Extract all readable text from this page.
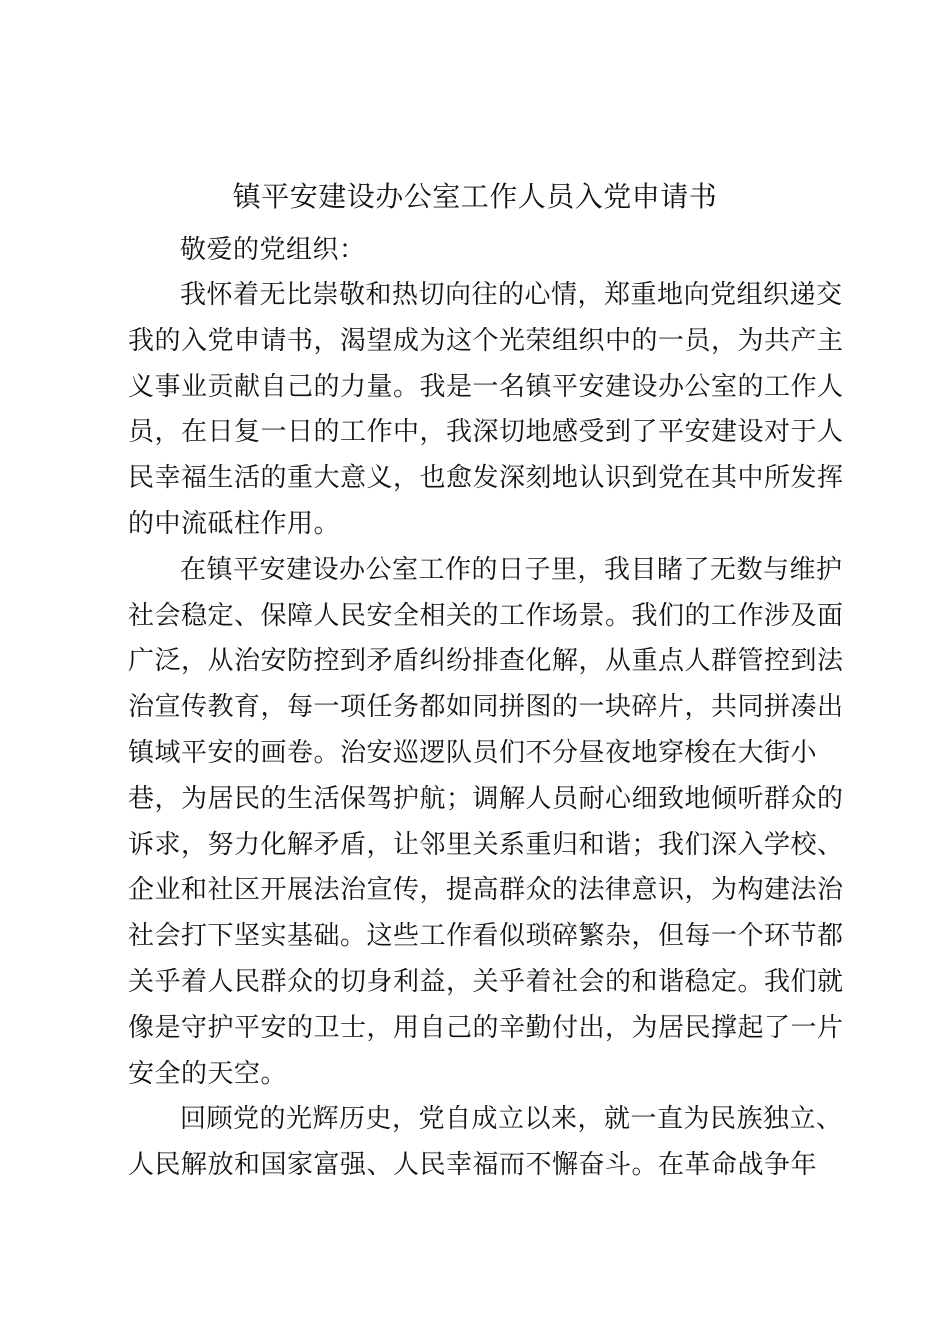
镇平安建设办公室工作人员入党申请书

敬爱的党组织：

我怀着无比崇敬和热切向往的心情，郑重地向党组织递交
我的入党申请书，渴望成为这个光荣组织中的一员，为共产主
义事业贡献自己的力量。我是一名镇平安建设办公室的工作人
员，在日复一日的工作中，我深切地感受到了平安建设对于人
民幸福生活的重大意义，也愈发深刻地认识到党在其中所发挥
的中流砥柱作用。

在镇平安建设办公室工作的日子里，我目睹了无数与维护
社会稳定、保障人民安全相关的工作场景。我们的工作涉及面
广泛，从治安防控到矛盾纠纷排查化解，从重点人群管控到法
治宣传教育，每一项任务都如同拼图的一块碎片，共同拼凑出
镇域平安的画卷。治安巡逻队员们不分昼夜地穿梭在大街小
巷，为居民的生活保驾护航；调解人员耐心细致地倾听群众的
诉求，努力化解矛盾，让邻里关系重归和谐；我们深入学校、
企业和社区开展法治宣传，提高群众的法律意识，为构建法治
社会打下坚实基础。这些工作看似琐碎繁杂，但每一个环节都
关乎着人民群众的切身利益，关乎着社会的和谐稳定。我们就
像是守护平安的卫士，用自己的辛勤付出，为居民撑起了一片
安全的天空。

回顾党的光辉历史，党自成立以来，就一直为民族独立、
人民解放和国家富强、人民幸福而不懈奋斗。在革命战争年
